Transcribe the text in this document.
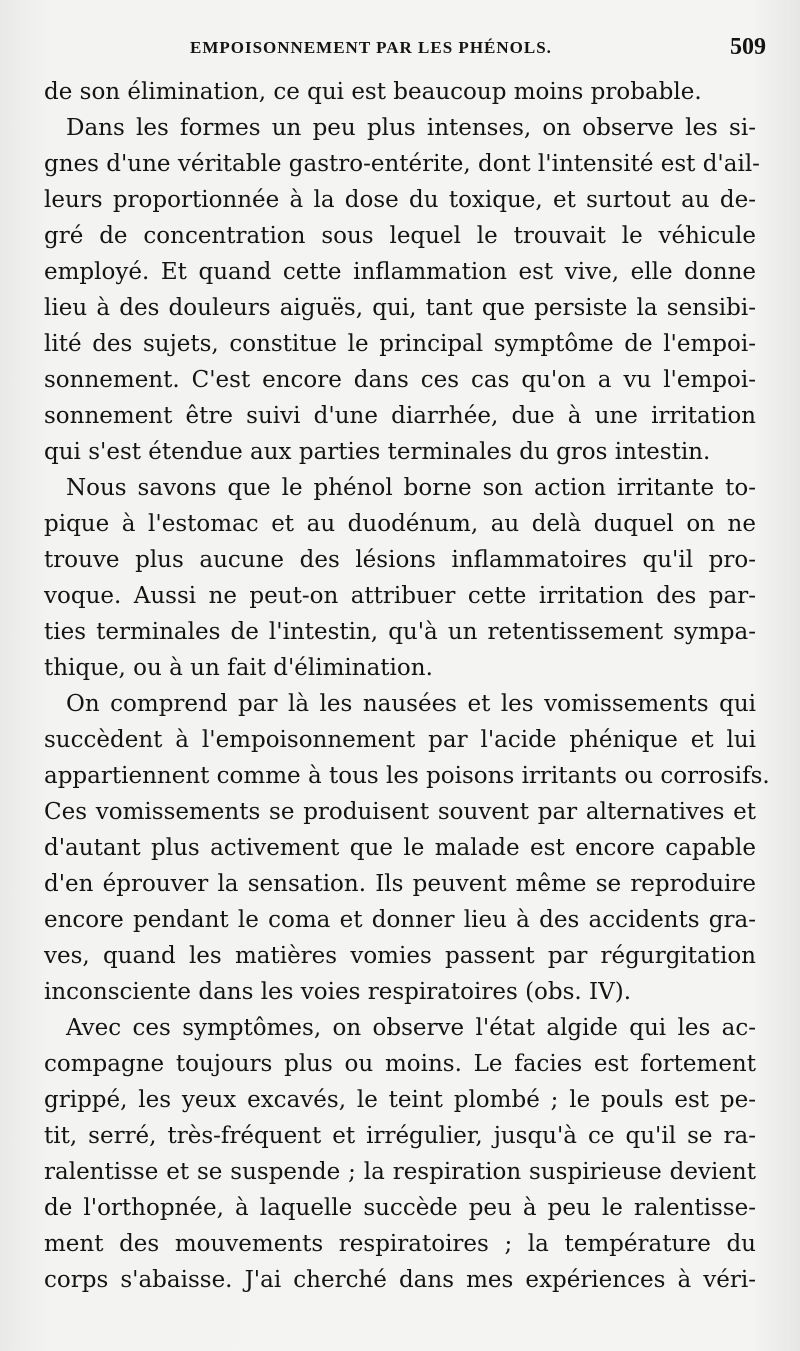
EMPOISONNEMENT PAR LES PHÉNOLS.	509
de son élimination, ce qui est beaucoup moins probable.
Dans les formes un peu plus intenses, on observe les si-
gnes d'une véritable gastro-entérite, dont l'intensité est d'ail-
leurs proportionnée à la dose du toxique, et surtout au de-
gré de concentration sous lequel le trouvait le véhicule
employé. Et quand cette inflammation est vive, elle donne
lieu à des douleurs aiguës, qui, tant que persiste la sensibi-
lité des sujets, constitue le principal symptôme de l'empoi-
sonnement. C'est encore dans ces cas qu'on a vu l'empoi-
sonnement être suivi d'une diarrhée, due à une irritation
qui s'est étendue aux parties terminales du gros intestin.
Nous savons que le phénol borne son action irritante to-
pique à l'estomac et au duodénum, au delà duquel on ne
trouve plus aucune des lésions inflammatoires qu'il pro-
voque. Aussi ne peut-on attribuer cette irritation des par-
ties terminales de l'intestin, qu'à un retentissement sympa-
thique, ou à un fait d'élimination.
On comprend par là les nausées et les vomissements qui
succèdent à l'empoisonnement par l'acide phénique et lui
appartiennent comme à tous les poisons irritants ou corrosifs.
Ces vomissements se produisent souvent par alternatives et
d'autant plus activement que le malade est encore capable
d'en éprouver la sensation. Ils peuvent même se reproduire
encore pendant le coma et donner lieu à des accidents gra-
ves, quand les matières vomies passent par régurgitation
inconsciente dans les voies respiratoires (obs. IV).
Avec ces symptômes, on observe l'état algide qui les ac-
compagne toujours plus ou moins. Le facies est fortement
grippé, les yeux excavés, le teint plombé ; le pouls est pe-
tit, serré, très-fréquent et irrégulier, jusqu'à ce qu'il se ra-
ralentisse et se suspende ; la respiration suspirieuse devient
de l'orthopnée, à laquelle succède peu à peu le ralentisse-
ment des mouvements respiratoires ; la température du
corps s'abaisse. J'ai cherché dans mes expériences à véri-
